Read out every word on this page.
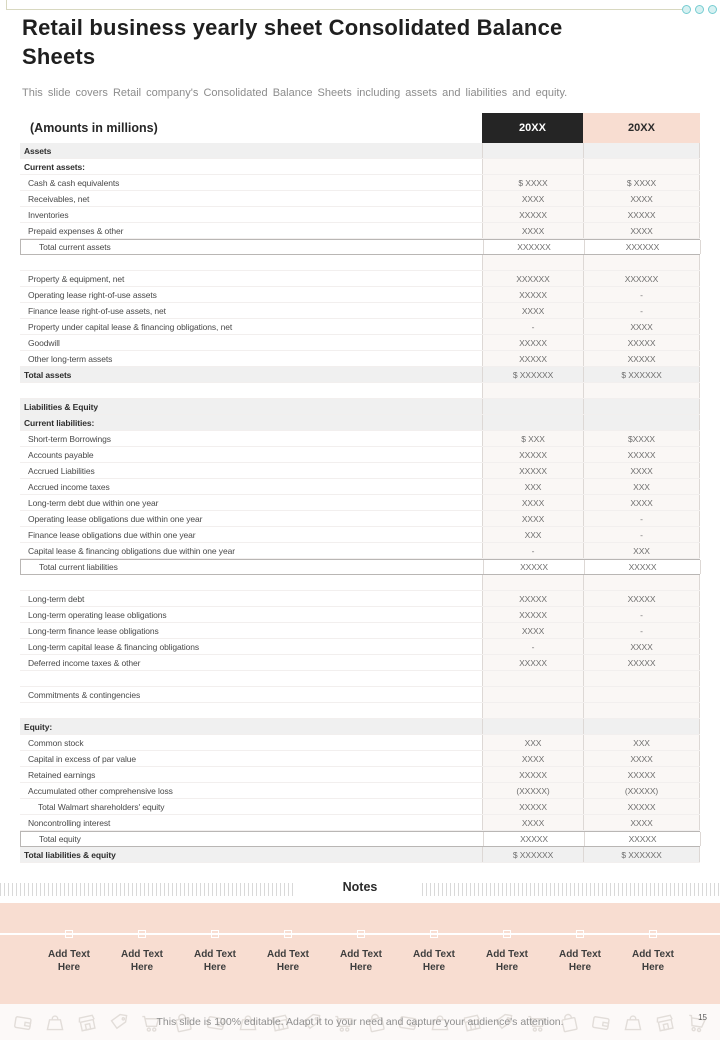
Retail business yearly sheet Consolidated Balance Sheets
This slide covers Retail company's Consolidated Balance Sheets including assets and liabilities and equity.
(Amounts in millions)	20XX	20XX
Assets
Current assets:
Cash & cash equivalents	$ XXXX	$ XXXX
Receivables, net	XXXX	XXXX
Inventories	XXXXX	XXXXX
Prepaid expenses & other	XXXX	XXXX
Total current assets	XXXXXX	XXXXXX
Property & equipment, net	XXXXXX	XXXXXX
Operating lease right-of-use assets	XXXXX	-
Finance lease right-of-use assets, net	XXXX	-
Property under capital lease & financing obligations, net	-	XXXX
Goodwill	XXXXX	XXXXX
Other long-term assets	XXXXX	XXXXX
Total assets	$ XXXXXX	$ XXXXXX
Liabilities & Equity
Current liabilities:
Short-term Borrowings	$ XXX	$XXXX
Accounts payable	XXXXX	XXXXX
Accrued Liabilities	XXXXX	XXXX
Accrued income taxes	XXX	XXX
Long-term debt due within one year	XXXX	XXXX
Operating lease obligations due within one year	XXXX	-
Finance lease obligations due within one year	XXX	-
Capital lease & financing obligations due within one year	-	XXX
Total current liabilities	XXXXX	XXXXX
Long-term debt	XXXXX	XXXXX
Long-term operating lease obligations	XXXXX	-
Long-term finance lease obligations	XXXX	-
Long-term capital lease & financing obligations	-	XXXX
Deferred income taxes & other	XXXXX	XXXXX
Commitments & contingencies
Equity:
Common stock	XXX	XXX
Capital in excess of par value	XXXX	XXXX
Retained earnings	XXXXX	XXXXX
Accumulated other comprehensive loss	(XXXXX)	(XXXXX)
Total Walmart shareholders' equity	XXXXX	XXXXX
Noncontrolling interest	XXXX	XXXX
Total equity	XXXXX	XXXXX
Total liabilities & equity	$ XXXXXX	$ XXXXXX
Notes
Add Text Here
Add Text Here
Add Text Here
Add Text Here
Add Text Here
Add Text Here
Add Text Here
Add Text Here
Add Text Here
This slide is 100% editable. Adapt it to your need and capture your audience's attention.	15
